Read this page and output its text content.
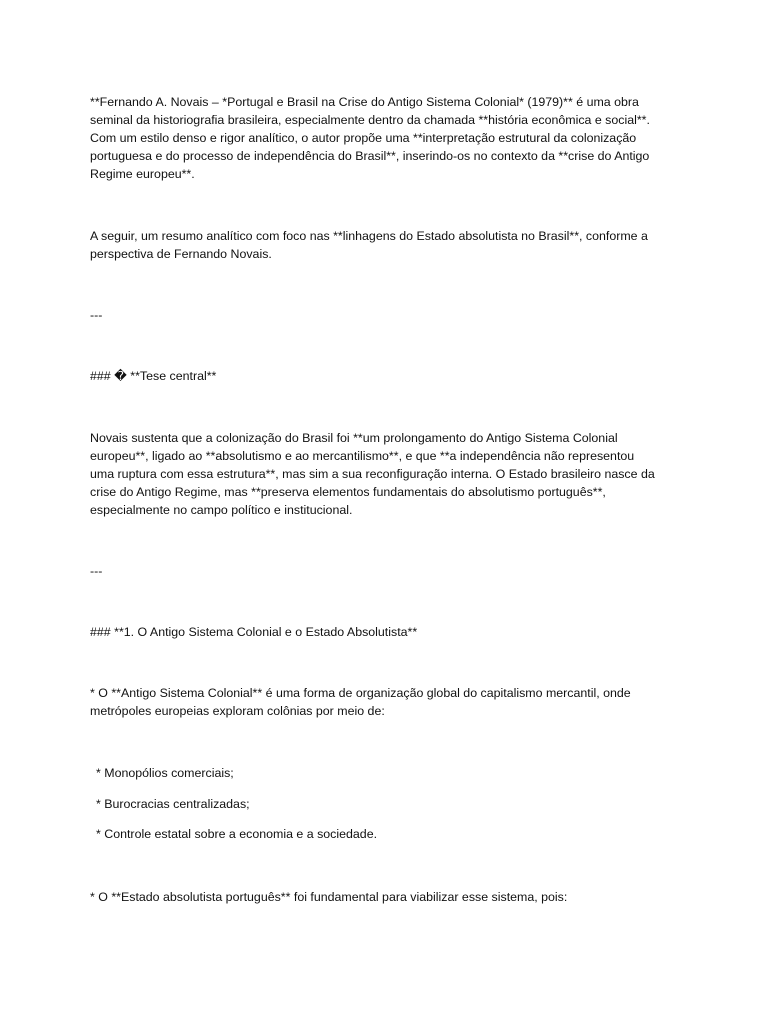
**Fernando A. Novais – *Portugal e Brasil na Crise do Antigo Sistema Colonial* (1979)** é uma obra
seminal da historiografia brasileira, especialmente dentro da chamada **história econômica e social**.
Com um estilo denso e rigor analítico, o autor propõe uma **interpretação estrutural da colonização
portuguesa e do processo de independência do Brasil**, inserindo-os no contexto da **crise do Antigo
Regime europeu**.

A seguir, um resumo analítico com foco nas **linhagens do Estado absolutista no Brasil**, conforme a
perspectiva de Fernando Novais.

---

### � **Tese central**

Novais sustenta que a colonização do Brasil foi **um prolongamento do Antigo Sistema Colonial
europeu**, ligado ao **absolutismo e ao mercantilismo**, e que **a independência não representou
uma ruptura com essa estrutura**, mas sim a sua reconfiguração interna. O Estado brasileiro nasce da
crise do Antigo Regime, mas **preserva elementos fundamentais do absolutismo português**,
especialmente no campo político e institucional.

---

### **1. O Antigo Sistema Colonial e o Estado Absolutista**

* O **Antigo Sistema Colonial** é uma forma de organização global do capitalismo mercantil, onde
metrópoles europeias exploram colônias por meio de:

* Monopólios comerciais;

* Burocracias centralizadas;

* Controle estatal sobre a economia e a sociedade.

* O **Estado absolutista português** foi fundamental para viabilizar esse sistema, pois:
